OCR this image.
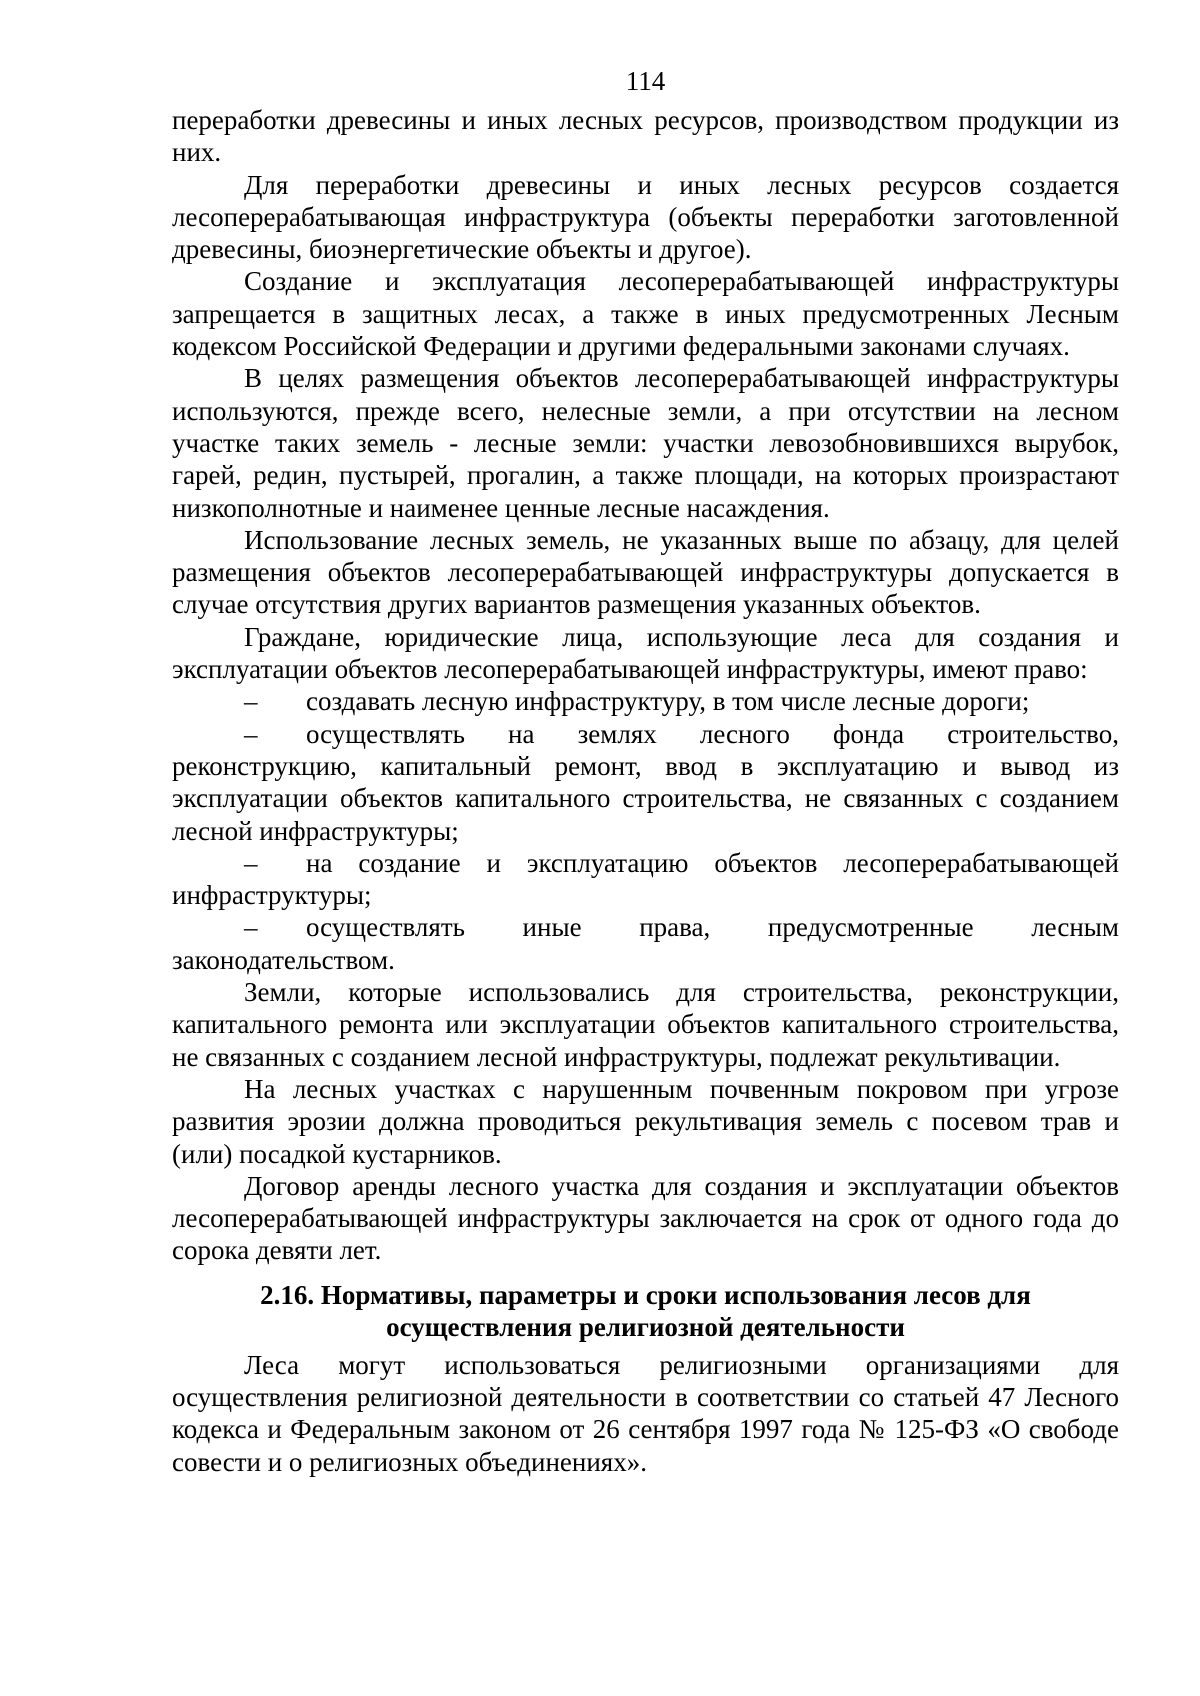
114

переработки древесины и иных лесных ресурсов, производством продукции из них.

Для переработки древесины и иных лесных ресурсов создается лесоперерабатывающая инфраструктура (объекты переработки заготовленной древесины, биоэнергетические объекты и другое).

Создание и эксплуатация лесоперерабатывающей инфраструктуры запрещается в защитных лесах, а также в иных предусмотренных Лесным кодексом Российской Федерации и другими федеральными законами случаях.

В целях размещения объектов лесоперерабатывающей инфраструктуры используются, прежде всего, нелесные земли, а при отсутствии на лесном участке таких земель - лесные земли: участки левозобновившихся вырубок, гарей, редин, пустырей, прогалин, а также площади, на которых произрастают низкополнотные и наименее ценные лесные насаждения.

Использование лесных земель, не указанных выше по абзацу, для целей размещения объектов лесоперерабатывающей инфраструктуры допускается в случае отсутствия других вариантов размещения указанных объектов.

Граждане, юридические лица, использующие леса для создания и эксплуатации объектов лесоперерабатывающей инфраструктуры, имеют право:

– создавать лесную инфраструктуру, в том числе лесные дороги;

– осуществлять на землях лесного фонда строительство, реконструкцию, капитальный ремонт, ввод в эксплуатацию и вывод из эксплуатации объектов капитального строительства, не связанных с созданием лесной инфраструктуры;

– на создание и эксплуатацию объектов лесоперерабатывающей инфраструктуры;

– осуществлять иные права, предусмотренные лесным законодательством.

Земли, которые использовались для строительства, реконструкции, капитального ремонта или эксплуатации объектов капитального строительства, не связанных с созданием лесной инфраструктуры, подлежат рекультивации.

На лесных участках с нарушенным почвенным покровом при угрозе развития эрозии должна проводиться рекультивация земель с посевом трав и (или) посадкой кустарников.

Договор аренды лесного участка для создания и эксплуатации объектов лесоперерабатывающей инфраструктуры заключается на срок от одного года до сорока девяти лет.

2.16. Нормативы, параметры и сроки использования лесов для
осуществления религиозной деятельности

Леса могут использоваться религиозными организациями для осуществления религиозной деятельности в соответствии со статьей 47 Лесного кодекса и Федеральным законом от 26 сентября 1997 года № 125-ФЗ «О свободе совести и о религиозных объединениях».
